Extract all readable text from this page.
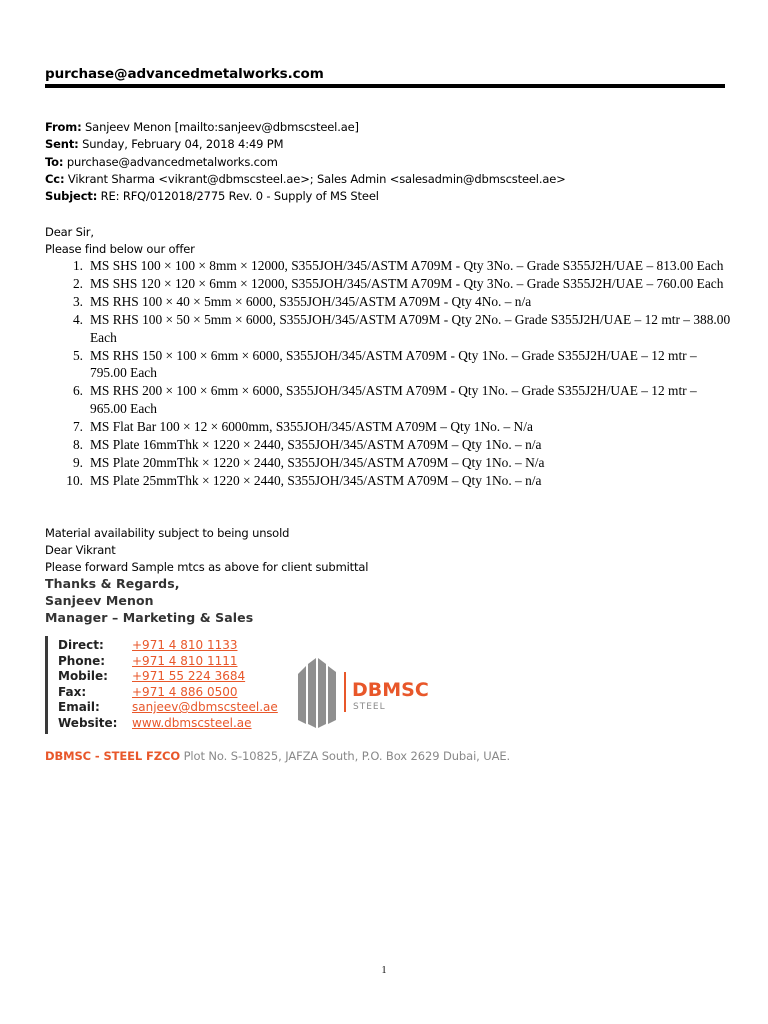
purchase@advancedmetalworks.com
From: Sanjeev Menon [mailto:sanjeev@dbmscsteel.ae]
Sent: Sunday, February 04, 2018 4:49 PM
To: purchase@advancedmetalworks.com
Cc: Vikrant Sharma <vikrant@dbmscsteel.ae>; Sales Admin <salesadmin@dbmscsteel.ae>
Subject: RE: RFQ/012018/2775 Rev. 0 - Supply of MS Steel
Dear Sir,
Please find below our offer
1. MS SHS 100 × 100 × 8mm × 12000, S355JOH/345/ASTM A709M - Qty 3No. – Grade S355J2H/UAE – 813.00 Each
2. MS SHS 120 × 120 × 6mm × 12000, S355JOH/345/ASTM A709M - Qty 3No. – Grade S355J2H/UAE – 760.00 Each
3. MS RHS 100 × 40 × 5mm × 6000, S355JOH/345/ASTM A709M - Qty 4No. – n/a
4. MS RHS 100 × 50 × 5mm × 6000, S355JOH/345/ASTM A709M - Qty 2No. – Grade S355J2H/UAE – 12 mtr – 388.00 Each
5. MS RHS 150 × 100 × 6mm × 6000, S355JOH/345/ASTM A709M - Qty 1No. – Grade S355J2H/UAE – 12 mtr – 795.00 Each
6. MS RHS 200 × 100 × 6mm × 6000, S355JOH/345/ASTM A709M - Qty 1No. – Grade S355J2H/UAE – 12 mtr – 965.00 Each
7. MS Flat Bar 100 × 12 × 6000mm, S355JOH/345/ASTM A709M – Qty 1No. – N/a
8. MS Plate 16mmThk × 1220 × 2440, S355JOH/345/ASTM A709M – Qty 1No. – n/a
9. MS Plate 20mmThk × 1220 × 2440, S355JOH/345/ASTM A709M – Qty 1No. – N/a
10. MS Plate 25mmThk × 1220 × 2440, S355JOH/345/ASTM A709M – Qty 1No. – n/a
Material availability subject to being unsold
Dear Vikrant
Please forward Sample mtcs as above for client submittal
Thanks & Regards,
Sanjeev Menon
Manager – Marketing & Sales
Direct:	+971 4 810 1133
Phone:	+971 4 810 1111
Mobile:	+971 55 224 3684
Fax:	+971 4 886 0500
Email:	sanjeev@dbmscsteel.ae
Website:	www.dbmscsteel.ae
DBMSC
STEEL
DBMSC - STEEL FZCO Plot No. S-10825, JAFZA South, P.O. Box 2629 Dubai, UAE.
1
